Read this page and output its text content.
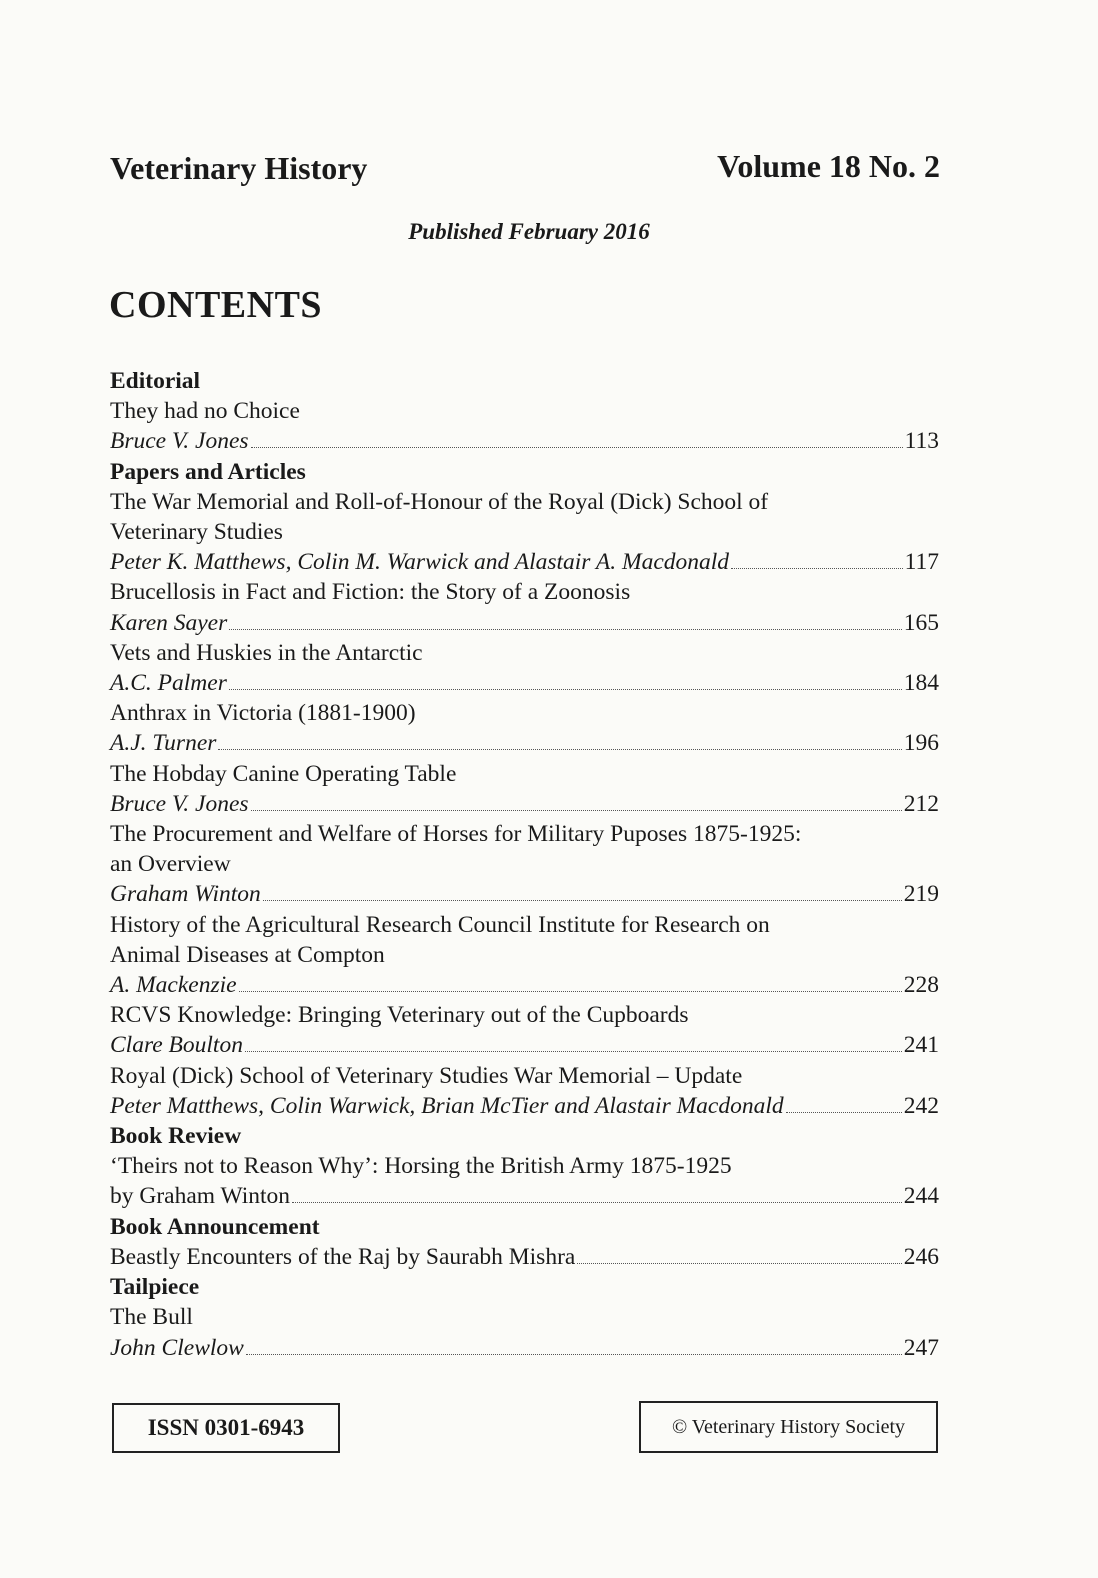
Veterinary History	Volume 18 No. 2
Published February 2016
CONTENTS
Editorial
They had no Choice
Bruce V. Jones	113
Papers and Articles
The War Memorial and Roll-of-Honour of the Royal (Dick) School of
Veterinary Studies
Peter K. Matthews, Colin M. Warwick and Alastair A. Macdonald	117
Brucellosis in Fact and Fiction: the Story of a Zoonosis
Karen Sayer	165
Vets and Huskies in the Antarctic
A.C. Palmer	184
Anthrax in Victoria (1881-1900)
A.J. Turner	196
The Hobday Canine Operating Table
Bruce V. Jones	212
The Procurement and Welfare of Horses for Military Puposes 1875-1925:
an Overview
Graham Winton	219
History of the Agricultural Research Council Institute for Research on
Animal Diseases at Compton
A. Mackenzie	228
RCVS Knowledge: Bringing Veterinary out of the Cupboards
Clare Boulton	241
Royal (Dick) School of Veterinary Studies War Memorial – Update
Peter Matthews, Colin Warwick, Brian McTier and Alastair Macdonald	242
Book Review
‘Theirs not to Reason Why’: Horsing the British Army 1875-1925
by Graham Winton	244
Book Announcement
Beastly Encounters of the Raj by Saurabh Mishra	246
Tailpiece
The Bull
John Clewlow	247
ISSN 0301-6943	© Veterinary History Society
